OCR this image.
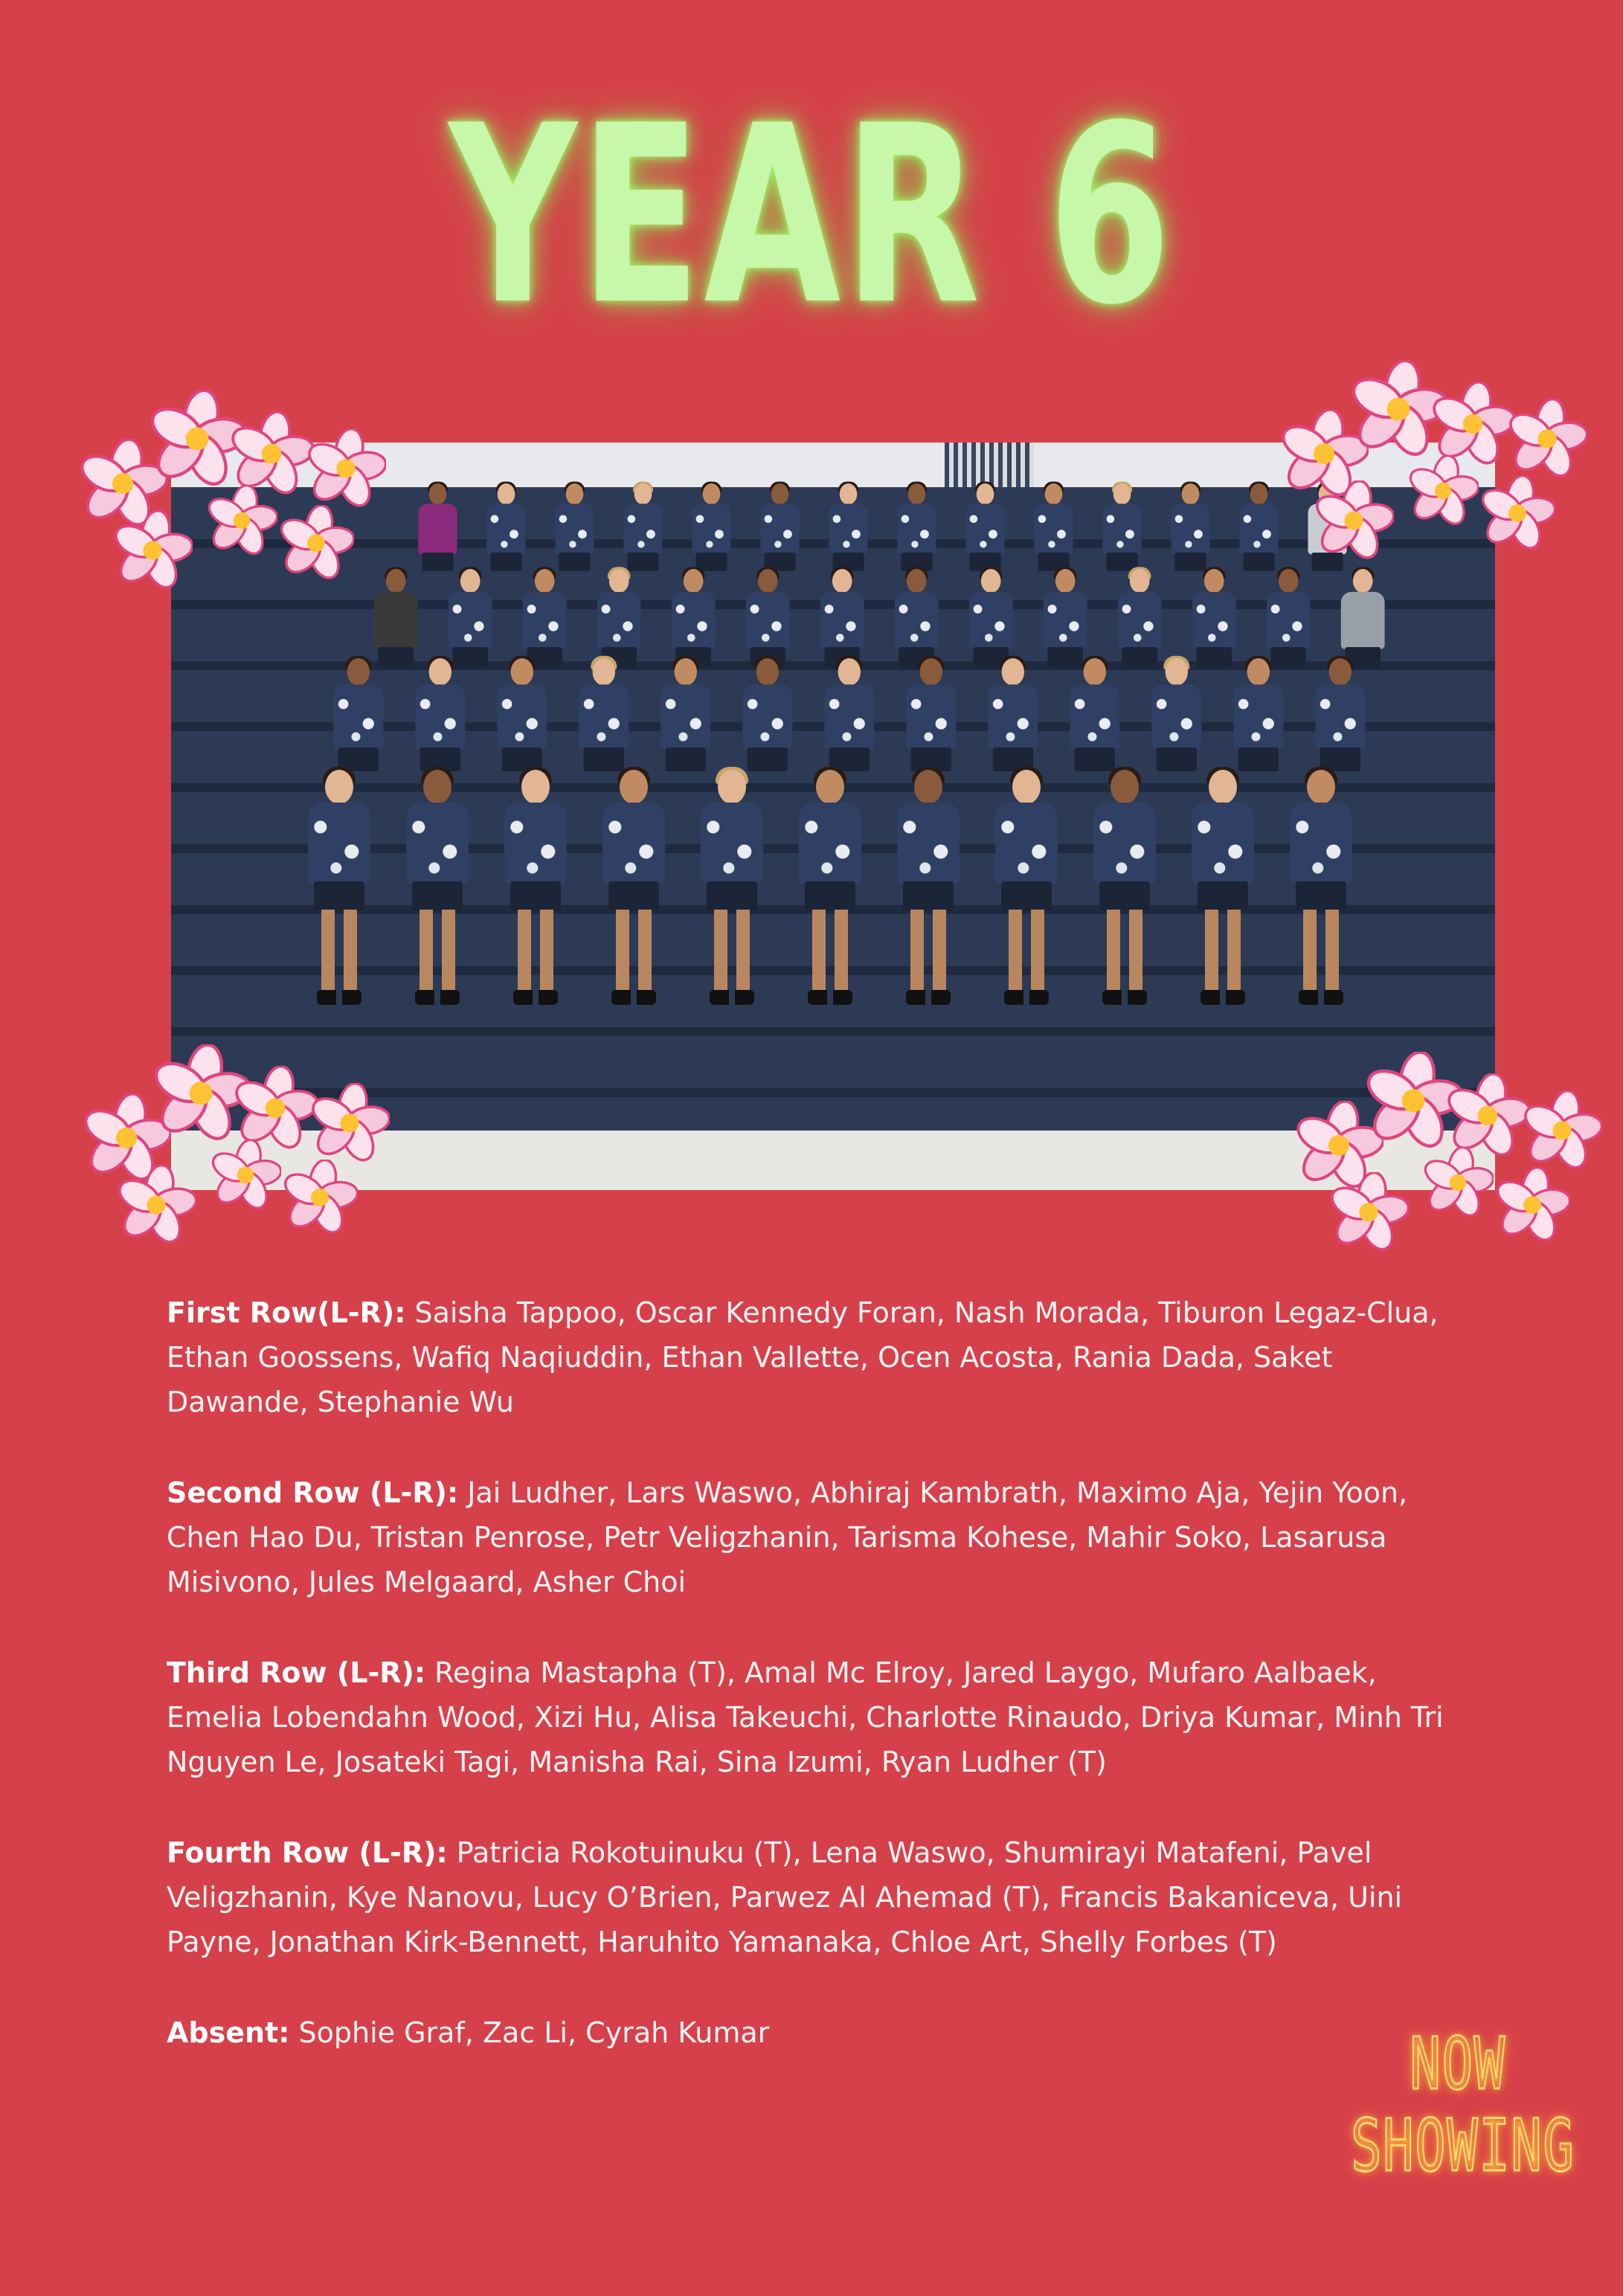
YEAR 6

First Row(L-R): Saisha Tappoo, Oscar Kennedy Foran, Nash Morada, Tiburon Legaz-Clua, Ethan Goossens, Wafiq Naqiuddin, Ethan Vallette, Ocen Acosta, Rania Dada, Saket Dawande, Stephanie Wu

Second Row (L-R): Jai Ludher, Lars Waswo, Abhiraj Kambrath, Maximo Aja, Yejin Yoon, Chen Hao Du, Tristan Penrose, Petr Veligzhanin, Tarisma Kohese, Mahir Soko, Lasarusa Misivono, Jules Melgaard, Asher Choi

Third Row (L-R): Regina Mastapha (T), Amal Mc Elroy, Jared Laygo, Mufaro Aalbaek, Emelia Lobendahn Wood, Xizi Hu, Alisa Takeuchi, Charlotte Rinaudo, Driya Kumar, Minh Tri Nguyen Le, Josateki Tagi, Manisha Rai, Sina Izumi, Ryan Ludher (T)

Fourth Row (L-R): Patricia Rokotuinuku (T), Lena Waswo, Shumirayi Matafeni, Pavel Veligzhanin, Kye Nanovu, Lucy O’Brien, Parwez Al Ahemad (T), Francis Bakaniceva, Uini Payne, Jonathan Kirk-Bennett, Haruhito Yamanaka, Chloe Art, Shelly Forbes (T)

Absent: Sophie Graf, Zac Li, Cyrah Kumar	NOW
SHOWING
